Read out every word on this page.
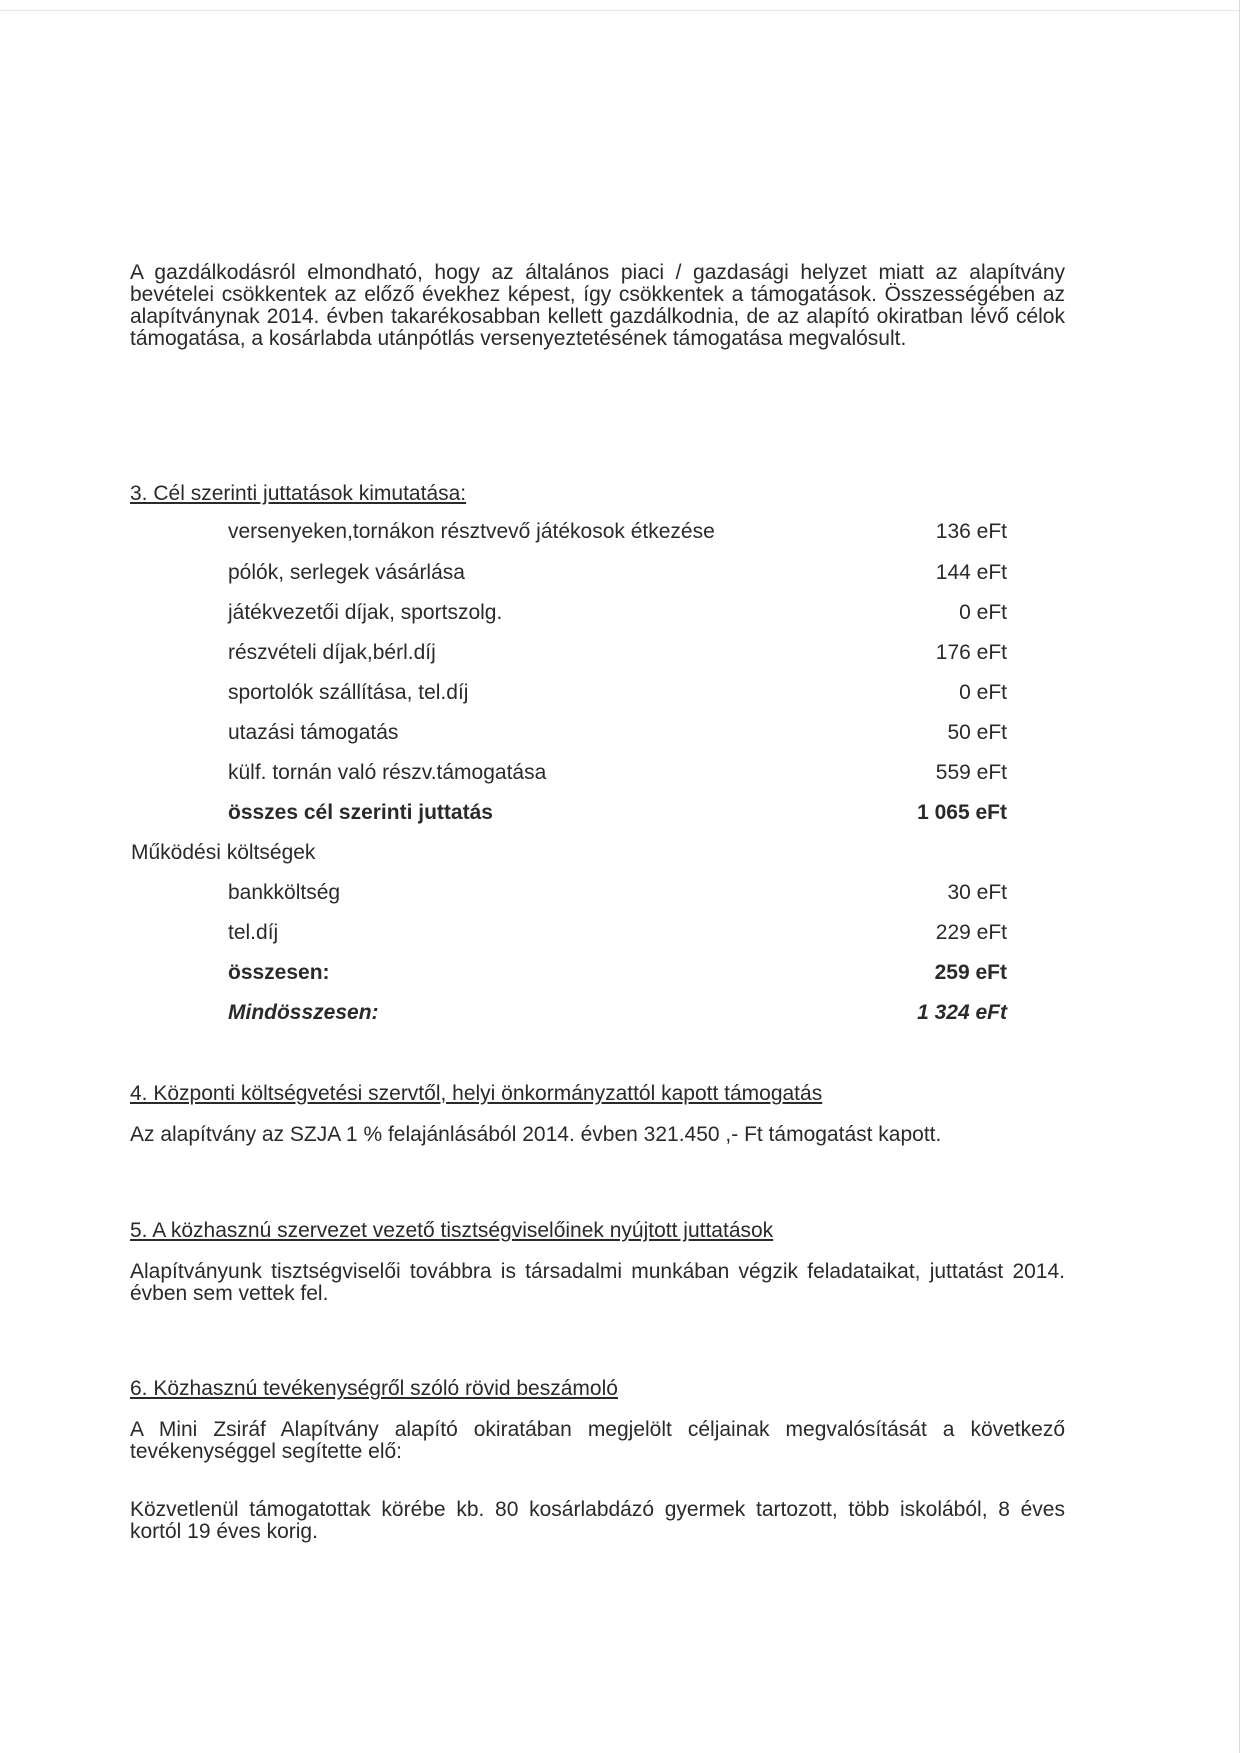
A gazdálkodásról elmondható, hogy az általános piaci / gazdasági helyzet miatt az alapítvány bevételei csökkentek az előző évekhez képest, így csökkentek a támogatások. Összességében az alapítványnak 2014. évben takarékosabban kellett gazdálkodnia, de az alapító okiratban lévő célok támogatása, a kosárlabda utánpótlás versenyeztetésének támogatása megvalósult.

3. Cél szerinti juttatások kimutatása:

versenyeken,tornákon résztvevő játékosok étkezése	136 eFt
pólók, serlegek vásárlása	144 eFt
játékvezetői díjak, sportszolg.	0 eFt
részvételi díjak,bérl.díj	176 eFt
sportolók szállítása, tel.díj	0 eFt
utazási támogatás	50 eFt
külf. tornán való részv.támogatása	559 eFt
összes cél szerinti juttatás	1 065 eFt
Működési költségek
bankköltség	30 eFt
tel.díj	229 eFt
összesen:	259 eFt
Mindösszesen:	1 324 eFt

4. Központi költségvetési szervtől, helyi önkormányzattól kapott támogatás

Az alapítvány az SZJA 1 % felajánlásából 2014. évben 321.450 ,- Ft támogatást kapott.

5. A közhasznú szervezet vezető tisztségviselőinek nyújtott juttatások

Alapítványunk tisztségviselői továbbra is társadalmi munkában végzik feladataikat, juttatást 2014. évben sem vettek fel.

6. Közhasznú tevékenységről szóló rövid beszámoló

A Mini Zsiráf Alapítvány alapító okiratában megjelölt céljainak megvalósítását a következő tevékenységgel segítette elő:

Közvetlenül támogatottak körébe kb. 80 kosárlabdázó gyermek tartozott, több iskolából, 8 éves kortól 19 éves korig.
